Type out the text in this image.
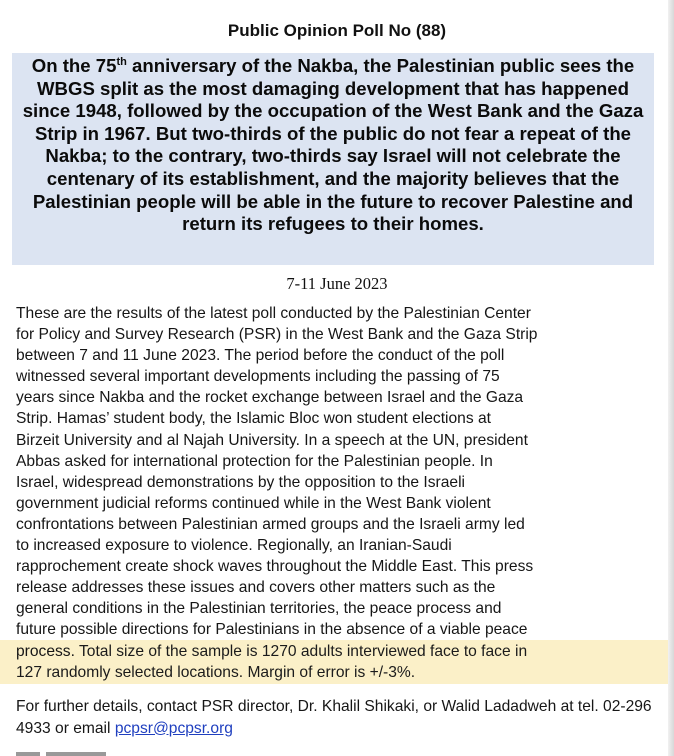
Public Opinion Poll No (88)
On the 75th anniversary of the Nakba, the Palestinian public sees the WBGS split as the most damaging development that has happened since 1948, followed by the occupation of the West Bank and the Gaza Strip in 1967. But two-thirds of the public do not fear a repeat of the Nakba; to the contrary, two-thirds say Israel will not celebrate the centenary of its establishment, and the majority believes that the Palestinian people will be able in the future to recover Palestine and return its refugees to their homes.
7-11 June 2023
These are the results of the latest poll conducted by the Palestinian Center
for Policy and Survey Research (PSR) in the West Bank and the Gaza Strip
between 7 and 11 June 2023. The period before the conduct of the poll
witnessed several important developments including the passing of 75
years since Nakba and the rocket exchange between Israel and the Gaza
Strip. Hamas’ student body, the Islamic Bloc won student elections at
Birzeit University and al Najah University. In a speech at the UN, president
Abbas asked for international protection for the Palestinian people. In
Israel, widespread demonstrations by the opposition to the Israeli
government judicial reforms continued while in the West Bank violent
confrontations between Palestinian armed groups and the Israeli army led
to increased exposure to violence. Regionally, an Iranian-Saudi
rapprochement create shock waves throughout the Middle East. This press
release addresses these issues and covers other matters such as the
general conditions in the Palestinian territories, the peace process and
future possible directions for Palestinians in the absence of a viable peace
process. Total size of the sample is 1270 adults interviewed face to face in
127 randomly selected locations. Margin of error is +/-3%.
For further details, contact PSR director, Dr. Khalil Shikaki, or Walid Ladadweh at tel. 02-296 4933 or email pcpsr@pcpsr.org
